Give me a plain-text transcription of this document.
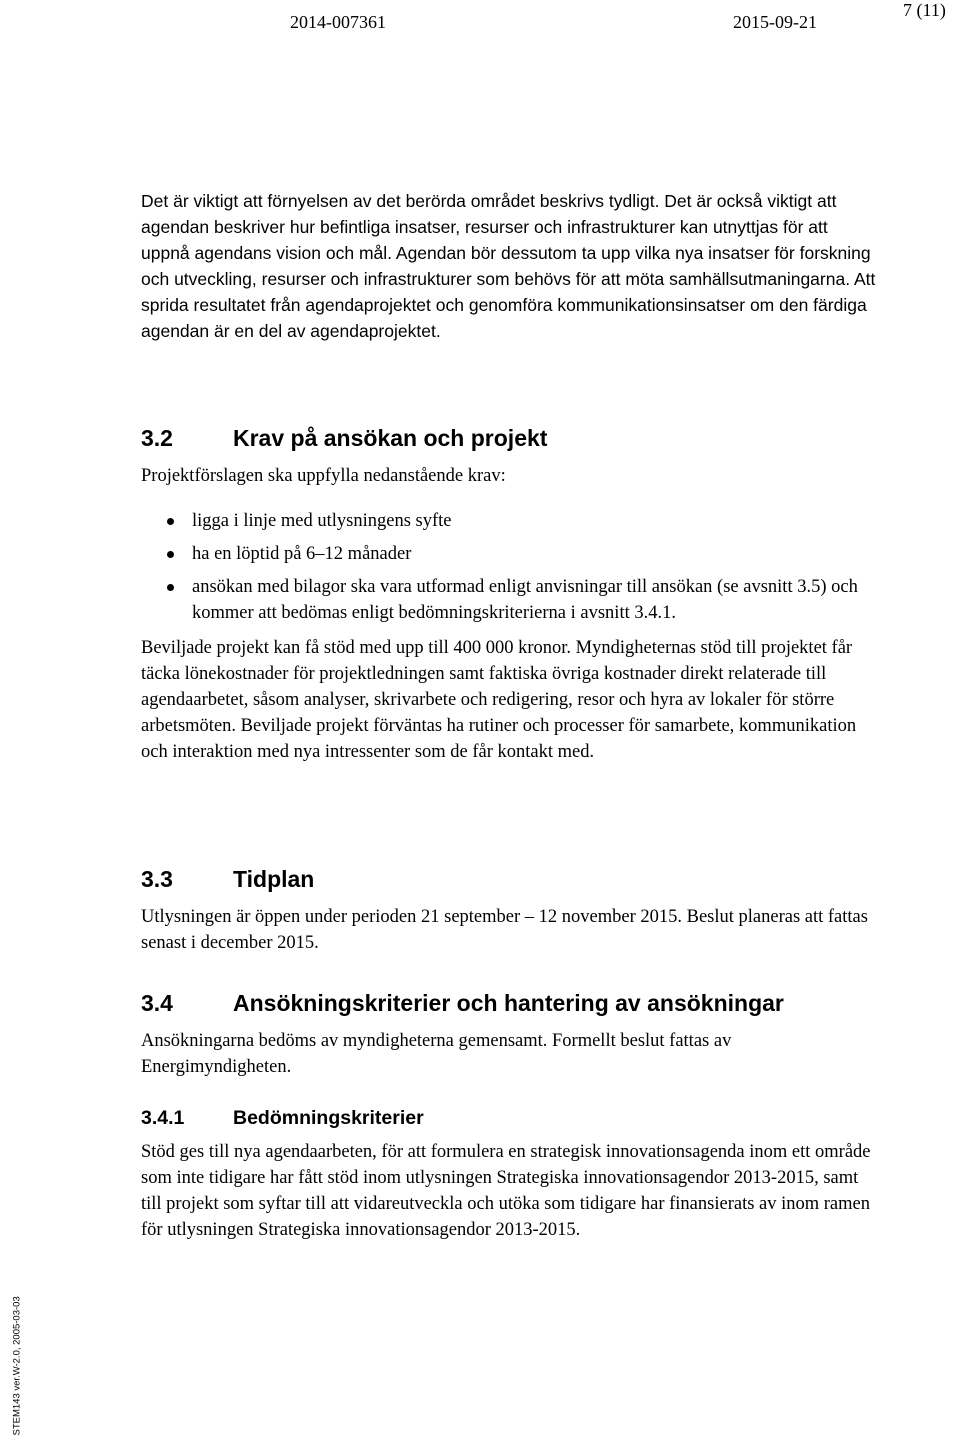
2014-007361	2015-09-21
7 (11)

Det är viktigt att förnyelsen av det berörda området beskrivs tydligt. Det är också viktigt att agendan beskriver hur befintliga insatser, resurser och infrastrukturer kan utnyttjas för att uppnå agendans vision och mål. Agendan bör dessutom ta upp vilka nya insatser för forskning och utveckling, resurser och infrastrukturer som behövs för att möta samhällsutmaningarna. Att sprida resultatet från agendaprojektet och genomföra kommunikationsinsatser om den färdiga agendan är en del av agendaprojektet.

3.2	Krav på ansökan och projekt

Projektförslagen ska uppfylla nedanstående krav:

ligga i linje med utlysningens syfte
ha en löptid på 6–12 månader
ansökan med bilagor ska vara utformad enligt anvisningar till ansökan (se avsnitt 3.5) och kommer att bedömas enligt bedömningskriterierna i avsnitt 3.4.1.

Beviljade projekt kan få stöd med upp till 400 000 kronor. Myndigheternas stöd till projektet får täcka lönekostnader för projektledningen samt faktiska övriga kostnader direkt relaterade till agendaarbetet, såsom analyser, skrivarbete och redigering, resor och hyra av lokaler för större arbetsmöten. Beviljade projekt förväntas ha rutiner och processer för samarbete, kommunikation och interaktion med nya intressenter som de får kontakt med.

3.3	Tidplan

Utlysningen är öppen under perioden 21 september – 12 november 2015. Beslut planeras att fattas senast i december 2015.

3.4	Ansökningskriterier och hantering av ansökningar

Ansökningarna bedöms av myndigheterna gemensamt. Formellt beslut fattas av Energimyndigheten.

3.4.1	Bedömningskriterier

Stöd ges till nya agendaarbeten, för att formulera en strategisk innovationsagenda inom ett område som inte tidigare har fått stöd inom utlysningen Strategiska innovationsagendor 2013-2015, samt till projekt som syftar till att vidareutveckla och utöka som tidigare har finansierats av inom ramen för utlysningen Strategiska innovationsagendor 2013-2015.

STEM143 ver.W-2.0, 2005-03-03
